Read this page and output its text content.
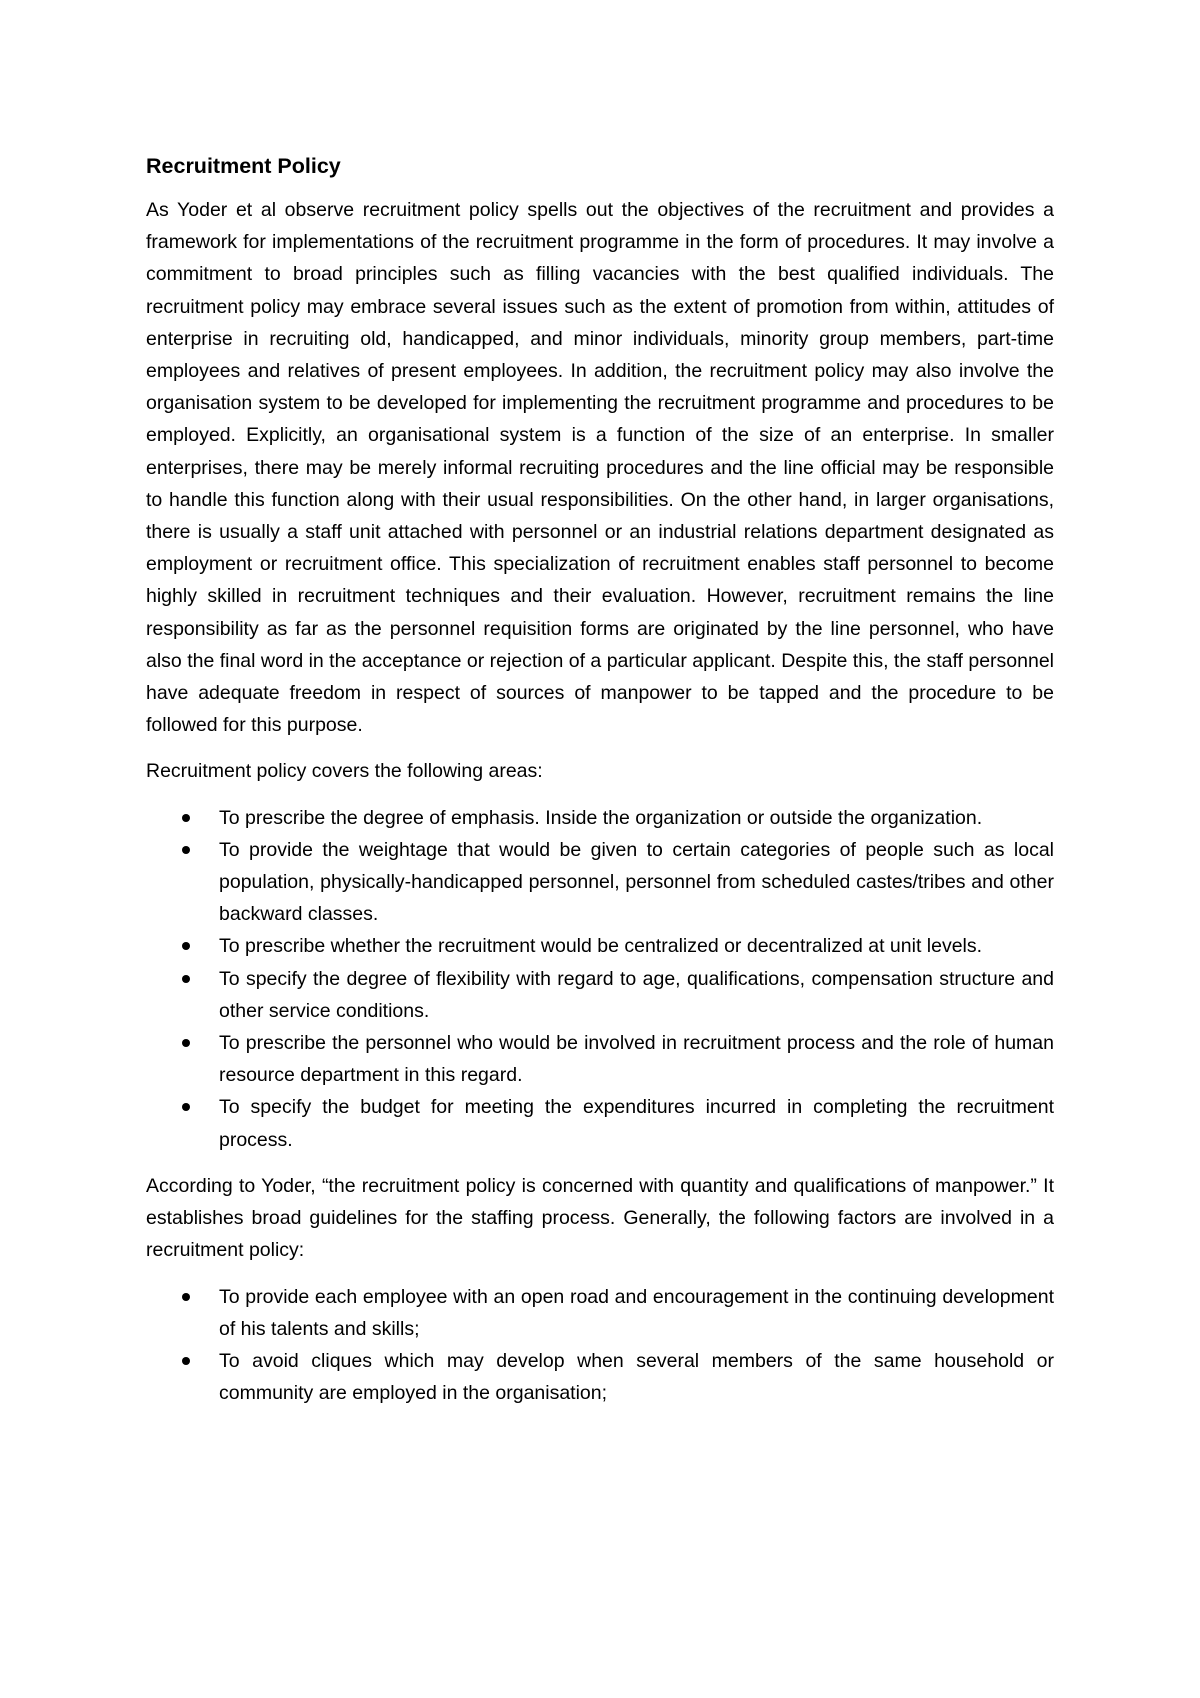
Recruitment Policy

As Yoder et al observe recruitment policy spells out the objectives of the recruitment and provides a framework for implementations of the recruitment programme in the form of procedures. It may involve a commitment to broad principles such as filling vacancies with the best qualified individuals. The recruitment policy may embrace several issues such as the extent of promotion from within, attitudes of enterprise in recruiting old, handicapped, and minor individuals, minority group members, part-time employees and relatives of present employees. In addition, the recruitment policy may also involve the organisation system to be developed for implementing the recruitment programme and procedures to be employed. Explicitly, an organisational system is a function of the size of an enterprise. In smaller enterprises, there may be merely informal recruiting procedures and the line official may be responsible to handle this function along with their usual responsibilities. On the other hand, in larger organisations, there is usually a staff unit attached with personnel or an industrial relations department designated as employment or recruitment office. This specialization of recruitment enables staff personnel to become highly skilled in recruitment techniques and their evaluation. However, recruitment remains the line responsibility as far as the personnel requisition forms are originated by the line personnel, who have also the final word in the acceptance or rejection of a particular applicant. Despite this, the staff personnel have adequate freedom in respect of sources of manpower to be tapped and the procedure to be followed for this purpose.

Recruitment policy covers the following areas:

To prescribe the degree of emphasis. Inside the organization or outside the organization.
To provide the weightage that would be given to certain categories of people such as local population, physically-handicapped personnel, personnel from scheduled castes/tribes and other backward classes.
To prescribe whether the recruitment would be centralized or decentralized at unit levels.
To specify the degree of flexibility with regard to age, qualifications, compensation structure and other service conditions.
To prescribe the personnel who would be involved in recruitment process and the role of human resource department in this regard.
To specify the budget for meeting the expenditures incurred in completing the recruitment process.

According to Yoder, “the recruitment policy is concerned with quantity and qualifications of manpower.” It establishes broad guidelines for the staffing process. Generally, the following factors are involved in a recruitment policy:

To provide each employee with an open road and encouragement in the continuing development of his talents and skills;
To avoid cliques which may develop when several members of the same household or community are employed in the organisation;
